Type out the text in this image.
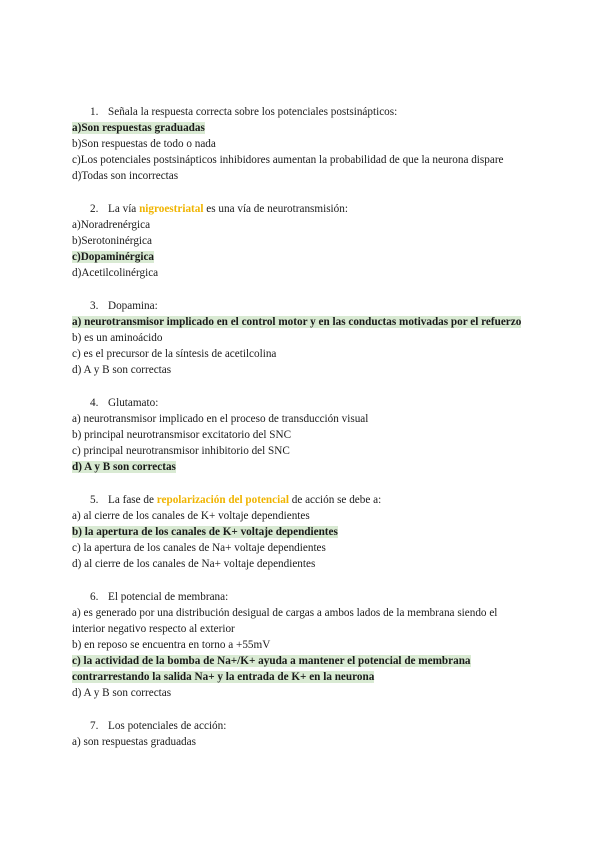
1. Señala la respuesta correcta sobre los potenciales postsinápticos:
a)Son respuestas graduadas
b)Son respuestas de todo o nada
c)Los potenciales postsinápticos inhibidores aumentan la probabilidad de que la neurona dispare
d)Todas son incorrectas
2. La vía nigroestriatal es una vía de neurotransmisión:
a)Noradrenérgica
b)Serotoninérgica
c)Dopaminérgica
d)Acetilcolinérgica
3. Dopamina:
a) neurotransmisor implicado en el control motor y en las conductas motivadas por el refuerzo
b) es un aminoácido
c) es el precursor de la síntesis de acetilcolina
d) A y B son correctas
4. Glutamato:
a) neurotransmisor implicado en el proceso de transducción visual
b) principal neurotransmisor excitatorio del SNC
c) principal neurotransmisor inhibitorio del SNC
d) A y B son correctas
5. La fase de repolarización del potencial de acción se debe a:
a) al cierre de los canales de K+ voltaje dependientes
b) la apertura de los canales de K+ voltaje dependientes
c) la apertura de los canales de Na+ voltaje dependientes
d) al cierre de los canales de Na+ voltaje dependientes
6. El potencial de membrana:
a) es generado por una distribución desigual de cargas a ambos lados de la membrana siendo el interior negativo respecto al exterior
b) en reposo se encuentra en torno a +55mV
c) la actividad de la bomba de Na+/K+ ayuda a mantener el potencial de membrana contrarrestando la salida Na+ y la entrada de K+ en la neurona
d) A y B son correctas
7. Los potenciales de acción:
a) son respuestas graduadas
